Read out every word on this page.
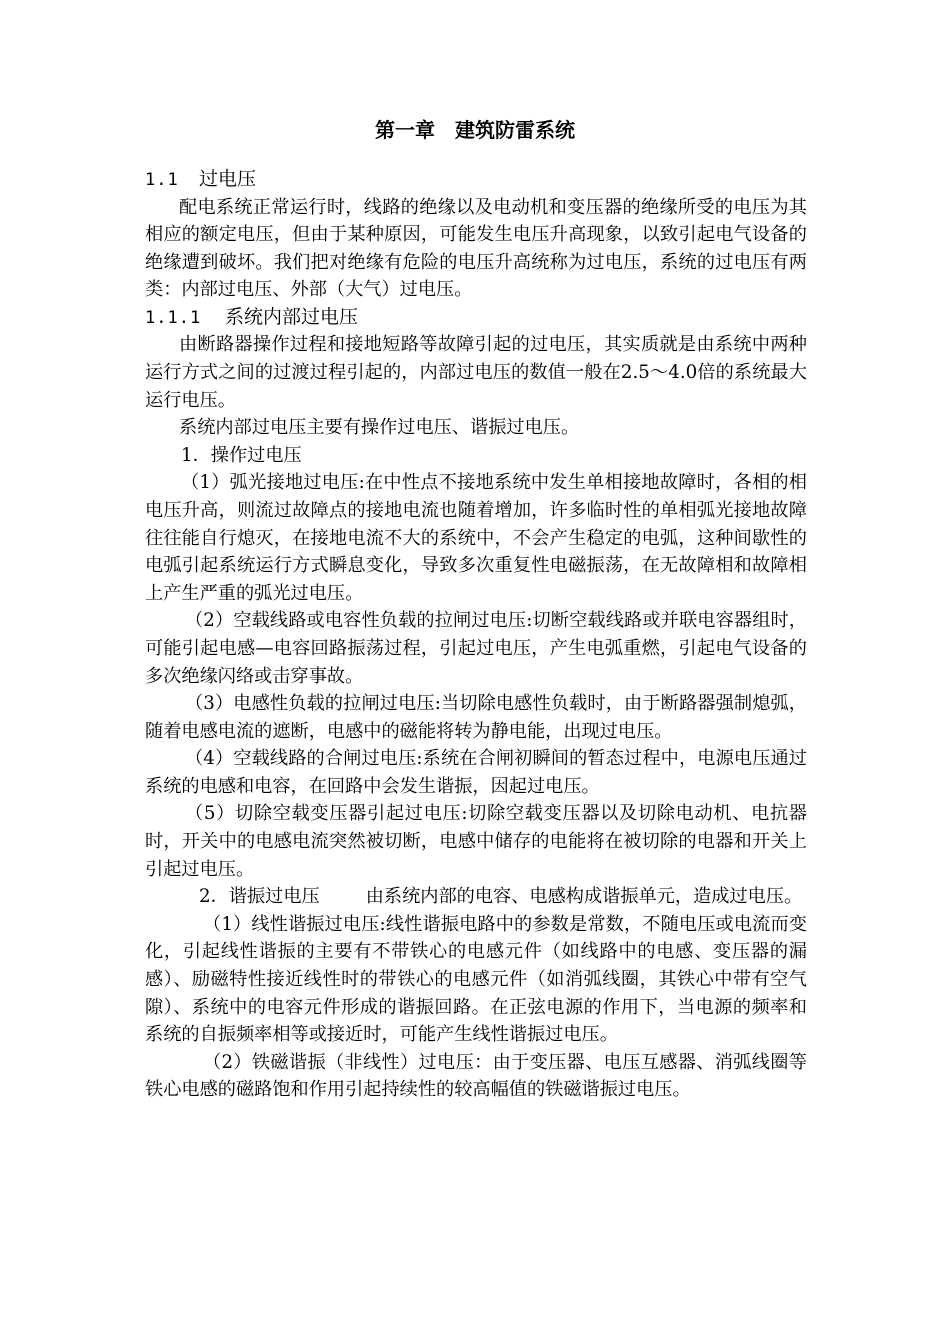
第一章　建筑防雷系统
1.1 过电压

配电系统正常运行时，线路的绝缘以及电动机和变压器的绝缘所受的电压为其相应的额定电压，但由于某种原因，可能发生电压升高现象，以致引起电气设备的绝缘遭到破坏。我们把对绝缘有危险的电压升高统称为过电压，系统的过电压有两类：内部过电压、外部（大气）过电压。

1.1.1 系统内部过电压

由断路器操作过程和接地短路等故障引起的过电压，其实质就是由系统中两种运行方式之间的过渡过程引起的，内部过电压的数值一般在2.5～4.0倍的系统最大运行电压。

系统内部过电压主要有操作过电压、谐振过电压。

1．操作过电压

（1）弧光接地过电压:在中性点不接地系统中发生单相接地故障时，各相的相电压升高，则流过故障点的接地电流也随着增加，许多临时性的单相弧光接地故障往往能自行熄灭，在接地电流不大的系统中，不会产生稳定的电弧，这种间歇性的电弧引起系统运行方式瞬息变化，导致多次重复性电磁振荡，在无故障相和故障相上产生严重的弧光过电压。

（2）空载线路或电容性负载的拉闸过电压:切断空载线路或并联电容器组时，可能引起电感—电容回路振荡过程，引起过电压，产生电弧重燃，引起电气设备的多次绝缘闪络或击穿事故。

（3）电感性负载的拉闸过电压:当切除电感性负载时，由于断路器强制熄弧，随着电感电流的遮断，电感中的磁能将转为静电能，出现过电压。

（4）空载线路的合闸过电压:系统在合闸初瞬间的暂态过程中，电源电压通过系统的电感和电容，在回路中会发生谐振，因起过电压。

（5）切除空载变压器引起过电压:切除空载变压器以及切除电动机、电抗器时，开关中的电感电流突然被切断，电感中储存的电能将在被切除的电器和开关上引起过电压。

2．谐振过电压	由系统内部的电容、电感构成谐振单元，造成过电压。

（1）线性谐振过电压:线性谐振电路中的参数是常数，不随电压或电流而变化，引起线性谐振的主要有不带铁心的电感元件（如线路中的电感、变压器的漏感）、励磁特性接近线性时的带铁心的电感元件（如消弧线圈，其铁心中带有空气隙）、系统中的电容元件形成的谐振回路。在正弦电源的作用下，当电源的频率和系统的自振频率相等或接近时，可能产生线性谐振过电压。

（2）铁磁谐振（非线性）过电压：由于变压器、电压互感器、消弧线圈等铁心电感的磁路饱和作用引起持续性的较高幅值的铁磁谐振过电压。
